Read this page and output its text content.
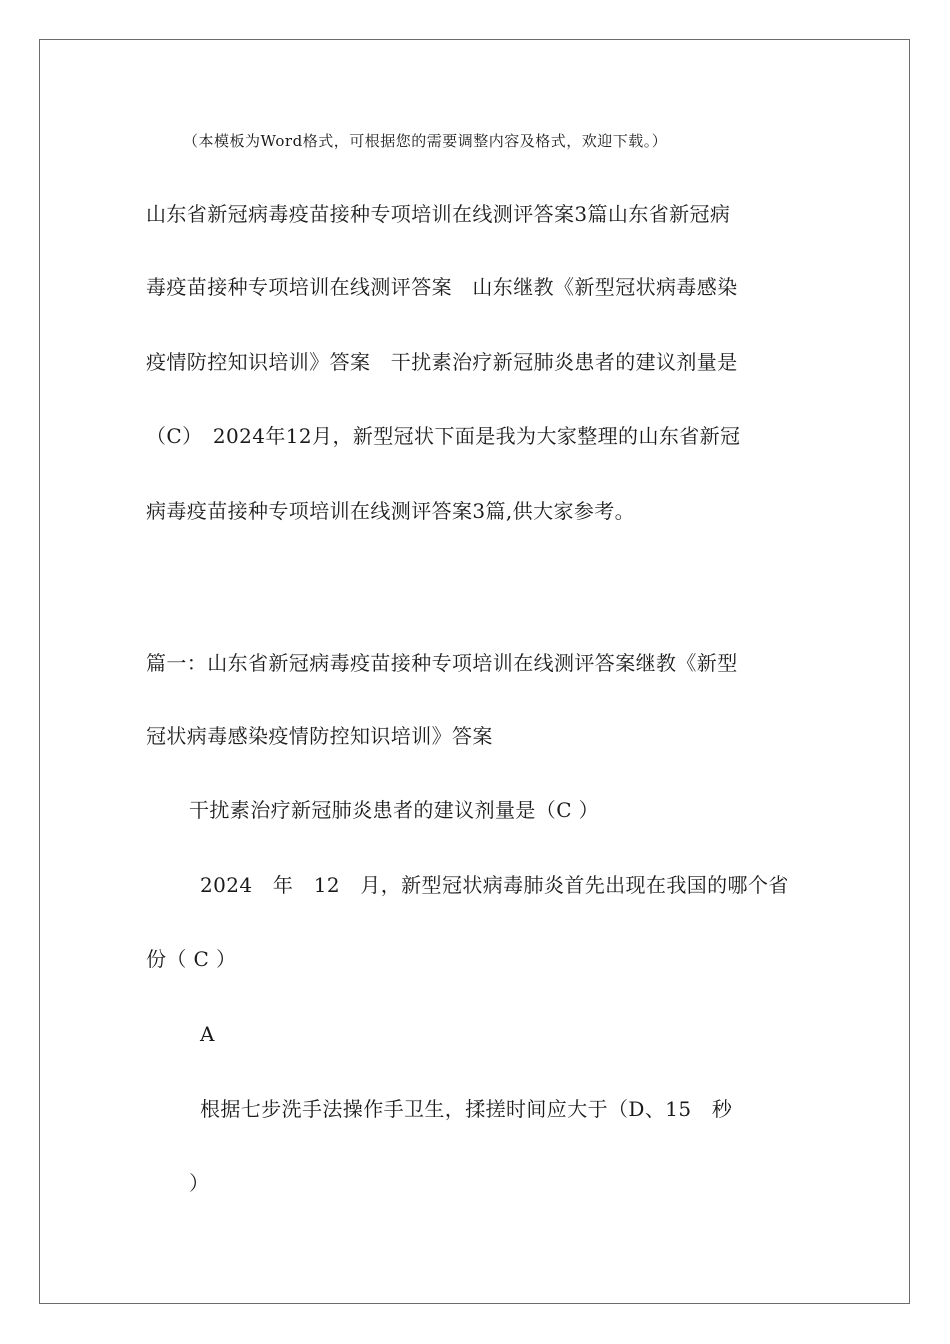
（本模板为Word格式，可根据您的需要调整内容及格式，欢迎下载。）
山东省新冠病毒疫苗接种专项培训在线测评答案3篇山东省新冠病
毒疫苗接种专项培训在线测评答案　山东继教《新型冠状病毒感染
疫情防控知识培训》答案　干扰素治疗新冠肺炎患者的建议剂量是
（C）　2024年12月，新型冠状下面是我为大家整理的山东省新冠
病毒疫苗接种专项培训在线测评答案3篇,供大家参考。
篇一：山东省新冠病毒疫苗接种专项培训在线测评答案继教《新型
冠状病毒感染疫情防控知识培训》答案
干扰素治疗新冠肺炎患者的建议剂量是（C ）
2024　年　12　月，新型冠状病毒肺炎首先出现在我国的哪个省
份（ C ）
A
根据七步洗手法操作手卫生，揉搓时间应大于（D、15　秒
）
